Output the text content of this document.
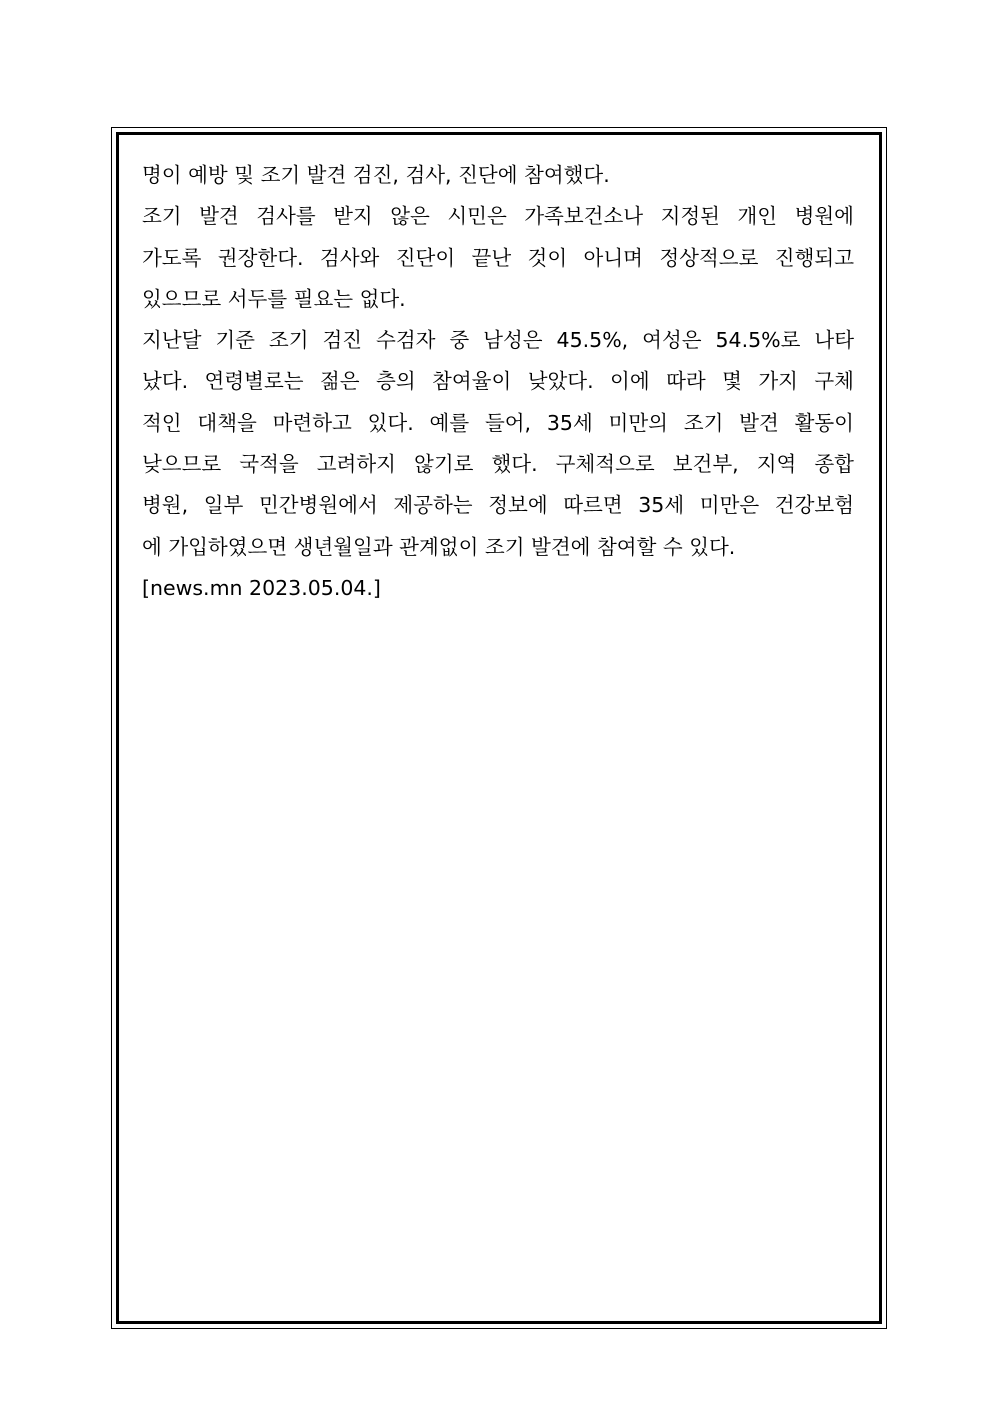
명이 예방 및 조기 발견 검진, 검사, 진단에 참여했다.
조기 발견 검사를 받지 않은 시민은 가족보건소나 지정된 개인 병원에
가도록 권장한다. 검사와 진단이 끝난 것이 아니며 정상적으로 진행되고
있으므로 서두를 필요는 없다.
지난달 기준 조기 검진 수검자 중 남성은 45.5%, 여성은 54.5%로 나타
났다. 연령별로는 젊은 층의 참여율이 낮았다. 이에 따라 몇 가지 구체
적인 대책을 마련하고 있다. 예를 들어, 35세 미만의 조기 발견 활동이
낮으므로 국적을 고려하지 않기로 했다. 구체적으로 보건부, 지역 종합
병원, 일부 민간병원에서 제공하는 정보에 따르면 35세 미만은 건강보험
에 가입하였으면 생년월일과 관계없이 조기 발견에 참여할 수 있다.
[news.mn 2023.05.04.]
